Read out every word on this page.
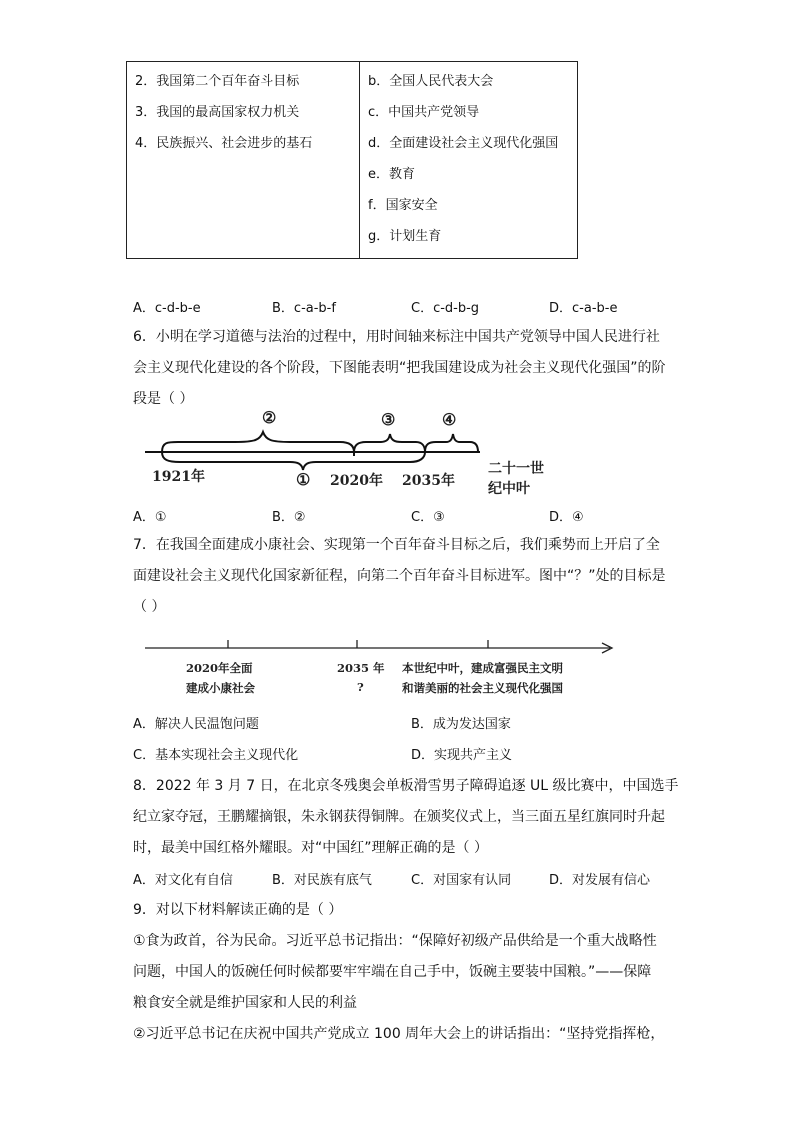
2．我国第二个百年奋斗目标
3．我国的最高国家权力机关
4．民族振兴、社会进步的基石

b．全国人民代表大会
c．中国共产党领导
d．全面建设社会主义现代化强国
e．教育
f．国家安全
g．计划生育
A．c-d-b-e	B．c-a-b-f	C．c-d-b-g	D．c-a-b-e
6．小明在学习道德与法治的过程中，用时间轴来标注中国共产党领导中国人民进行社
会主义现代化建设的各个阶段，下图能表明“把我国建设成为社会主义现代化强国”的阶
段是（ ）
②	③	④
①
1921年	2020年 2035年
二十一世
纪中叶
A．①	B．②	C．③	D．④
7．在我国全面建成小康社会、实现第一个百年奋斗目标之后，我们乘势而上开启了全
面建设社会主义现代化国家新征程，向第二个百年奋斗目标进军。图中“？”处的目标是
（ ）
2020年全面
建成小康社会
2035 年
?
本世纪中叶，建成富强民主文明
和谐美丽的社会主义现代化强国
A．解决人民温饱问题	B．成为发达国家
C．基本实现社会主义现代化	D．实现共产主义
8．2022 年 3 月 7 日，在北京冬残奥会单板滑雪男子障碍追逐 UL 级比赛中，中国选手
纪立家夺冠，王鹏耀摘银，朱永钢获得铜牌。在颁奖仪式上，当三面五星红旗同时升起
时，最美中国红格外耀眼。对“中国红”理解正确的是（ ）
A．对文化有自信	B．对民族有底气	C．对国家有认同	D．对发展有信心
9．对以下材料解读正确的是（ ）
①食为政首，谷为民命。习近平总书记指出：“保障好初级产品供给是一个重大战略性
问题，中国人的饭碗任何时候都要牢牢端在自己手中，饭碗主要装中国粮。”——保障
粮食安全就是维护国家和人民的利益
②习近平总书记在庆祝中国共产党成立 100 周年大会上的讲话指出：“坚持党指挥枪，
